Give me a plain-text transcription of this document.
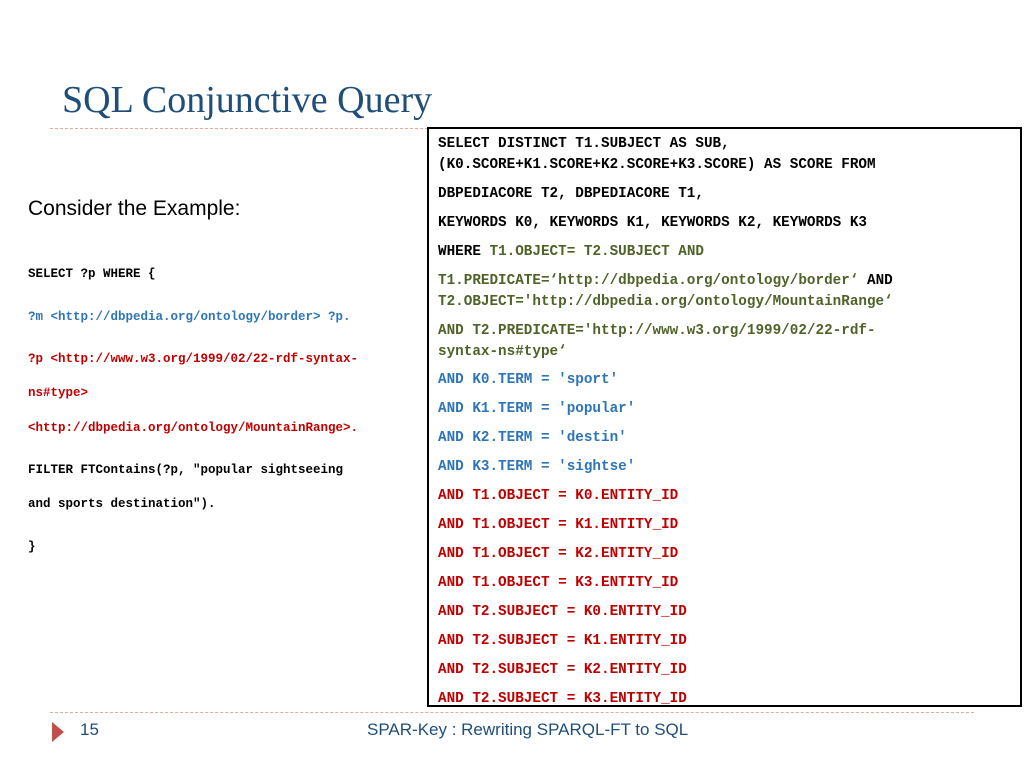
SQL Conjunctive Query
Consider the Example:
SELECT ?p WHERE {
?m <http://dbpedia.org/ontology/border> ?p.
?p <http://www.w3.org/1999/02/22-rdf-syntax-
ns#type>
<http://dbpedia.org/ontology/MountainRange>.
FILTER FTContains(?p, "popular sightseeing
and sports destination").
}
SELECT DISTINCT T1.SUBJECT AS SUB,
(K0.SCORE+K1.SCORE+K2.SCORE+K3.SCORE) AS SCORE FROM
DBPEDIACORE T2, DBPEDIACORE T1,
KEYWORDS K0, KEYWORDS K1, KEYWORDS K2, KEYWORDS K3
WHERE T1.OBJECT= T2.SUBJECT AND
T1.PREDICATE=‘http://dbpedia.org/ontology/border‘ AND
T2.OBJECT='http://dbpedia.org/ontology/MountainRange‘
AND T2.PREDICATE='http://www.w3.org/1999/02/22-rdf-
syntax-ns#type‘
AND K0.TERM = 'sport'
AND K1.TERM = 'popular'
AND K2.TERM = 'destin'
AND K3.TERM = 'sightse'
AND T1.OBJECT = K0.ENTITY_ID
AND T1.OBJECT = K1.ENTITY_ID
AND T1.OBJECT = K2.ENTITY_ID
AND T1.OBJECT = K3.ENTITY_ID
AND T2.SUBJECT = K0.ENTITY_ID
AND T2.SUBJECT = K1.ENTITY_ID
AND T2.SUBJECT = K2.ENTITY_ID
AND T2.SUBJECT = K3.ENTITY_ID
15	SPAR-Key : Rewriting SPARQL-FT to SQL
